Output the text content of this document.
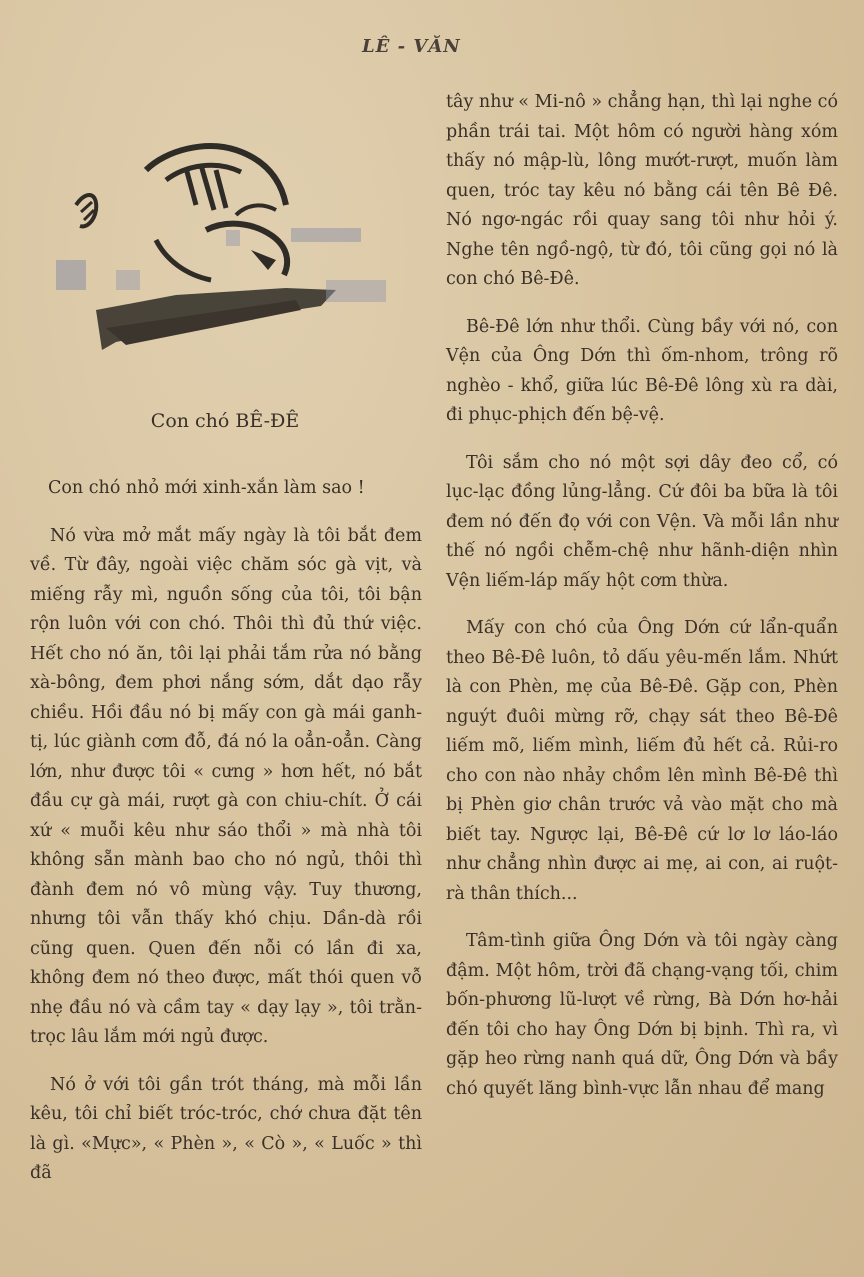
LÊ - VĂN
Con chó BÊ-ĐÊ

Con chó nhỏ mới xinh-xắn làm sao !

Nó vừa mở mắt mấy ngày là tôi bắt đem về. Từ đây, ngoài việc chăm sóc gà vịt, và miếng rẫy mì, nguồn sống của tôi, tôi bận rộn luôn với con chó. Thôi thì đủ thứ việc. Hết cho nó ăn, tôi lại phải tắm rửa nó bằng xà-bông, đem phơi nắng sớm, dắt dạo rẫy chiều. Hồi đầu nó bị mấy con gà mái ganh-tị, lúc giành cơm đỗ, đá nó la oẳn-oẳn. Càng lớn, như được tôi « cưng » hơn hết, nó bắt đầu cự gà mái, rượt gà con chiu-chít. Ở cái xứ « muỗi kêu như sáo thổi » mà nhà tôi không sẵn mành bao cho nó ngủ, thôi thì đành đem nó vô mùng vậy. Tuy thương, nhưng tôi vẫn thấy khó chịu. Dần-dà rồi cũng quen. Quen đến nỗi có lần đi xa, không đem nó theo được, mất thói quen vỗ nhẹ đầu nó và cầm tay « dạy lạy », tôi trằn-trọc lâu lắm mới ngủ được.

Nó ở với tôi gần trót tháng, mà mỗi lần kêu, tôi chỉ biết tróc-tróc, chớ chưa đặt tên là gì. «Mực», « Phèn », « Cò », « Luốc » thì đã

tây như « Mi-nô » chẳng hạn, thì lại nghe có phần trái tai. Một hôm có người hàng xóm thấy nó mập-lù, lông mướt-rượt, muốn làm quen, tróc tay kêu nó bằng cái tên Bê Đê. Nó ngơ-ngác rồi quay sang tôi như hỏi ý. Nghe tên ngồ-ngộ, từ đó, tôi cũng gọi nó là con chó Bê-Đê.

Bê-Đê lớn như thổi. Cùng bầy với nó, con Vện của Ông Dớn thì ốm-nhom, trông rõ nghèo - khổ, giữa lúc Bê-Đê lông xù ra dài, đi phục-phịch đến bệ-vệ.

Tôi sắm cho nó một sợi dây đeo cổ, có lục-lạc đồng lủng-lẳng. Cứ đôi ba bữa là tôi đem nó đến đọ với con Vện. Và mỗi lần như thế nó ngồi chễm-chệ như hãnh-diện nhìn Vện liếm-láp mấy hột cơm thừa.

Mấy con chó của Ông Dớn cứ lẩn-quẩn theo Bê-Đê luôn, tỏ dấu yêu-mến lắm. Nhứt là con Phèn, mẹ của Bê-Đê. Gặp con, Phèn nguýt đuôi mừng rỡ, chạy sát theo Bê-Đê liếm mõ, liếm mình, liếm đủ hết cả. Rủi-ro cho con nào nhảy chồm lên mình Bê-Đê thì bị Phèn giơ chân trước vả vào mặt cho mà biết tay. Ngược lại, Bê-Đê cứ lơ lơ láo-láo như chẳng nhìn được ai mẹ, ai con, ai ruột-rà thân thích...

Tâm-tình giữa Ông Dớn và tôi ngày càng đậm. Một hôm, trời đã chạng-vạng tối, chim bốn-phương lũ-lượt về rừng, Bà Dớn hơ-hải đến tôi cho hay Ông Dớn bị bịnh. Thì ra, vì gặp heo rừng nanh quá dữ, Ông Dớn và bầy chó quyết lăng bình-vực lẫn nhau để mang
